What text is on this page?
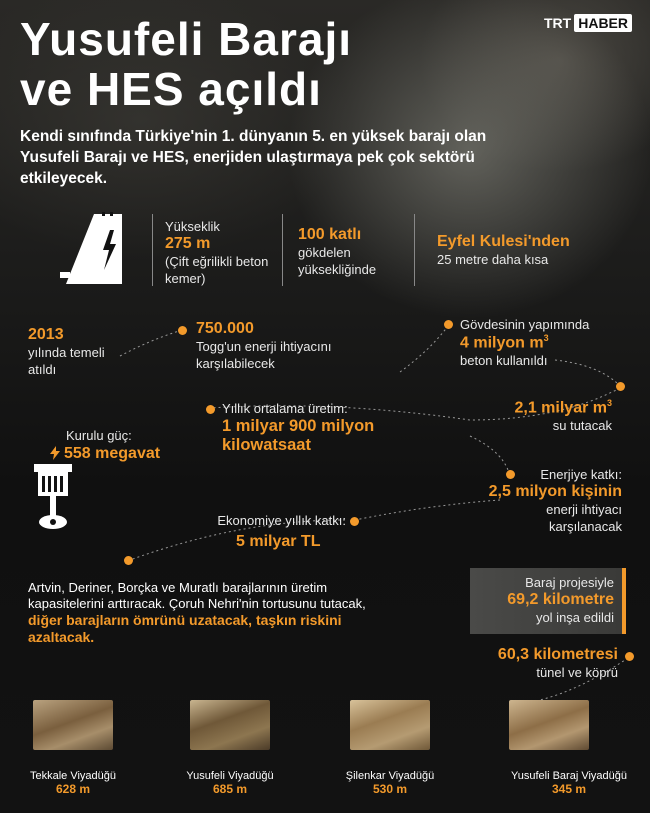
TRT HABER
Yusufeli Barajı
ve HES açıldı
Kendi sınıfında Türkiye'nin 1. dünyanın 5. en yüksek barajı olan Yusufeli Barajı ve HES, enerjiden ulaştırmaya pek çok sektörü etkileyecek.
Yükseklik
275 m
(Çift eğrilikli beton kemer)
100 katlı
gökdelen yüksekliğinde
Eyfel Kulesi'nden
25 metre daha kısa
2013
yılında temeli atıldı
750.000
Togg'un enerji ihtiyacını karşılabilecek
Gövdesinin yapımında
4 milyon $m^3$
beton kullanıldı
2,1 milyar $m^3$
su tutacak
Yıllık ortalama üretim:
1 milyar 900 milyon kilowatsaat
Kurulu güç:
558 megavat
Enerjiye katkı:
2,5 milyon kişinin
enerji ihtiyacı karşılanacak
Ekonomiye yıllık katkı:
5 milyar TL
Artvin, Deriner, Borçka ve Muratlı barajlarının üretim kapasitelerini arttıracak. Çoruh Nehri'nin tortusunu tutacak, diğer barajların ömrünü uzatacak, taşkın riskini azaltacak.
Baraj projesiyle
69,2 kilometre
yol inşa edildi
60,3 kilometresi
tünel ve köprü
Tekkale Viyadüğü
628 m
Yusufeli Viyadüğü
685 m
Şilenkar Viyadüğü
530 m
Yusufeli Baraj Viyadüğü
345 m
